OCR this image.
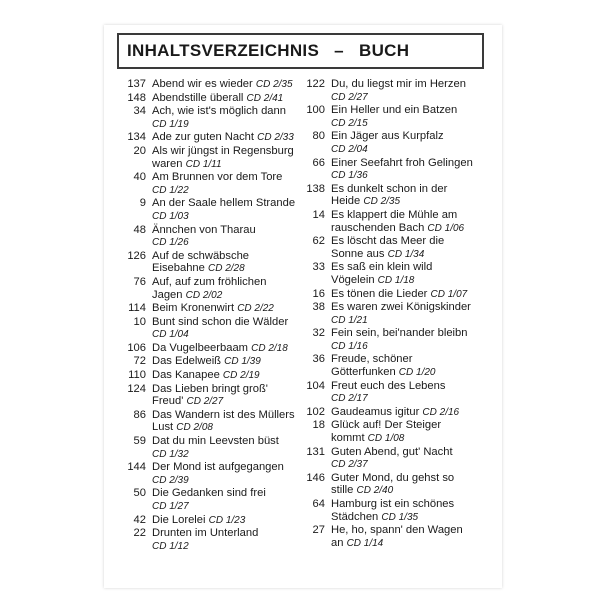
INHALTSVERZEICHNIS   –   BUCH
137 Abend wir es wieder CD 2/35
148 Abendstille überall CD 2/41
34 Ach, wie ist's möglich dann
CD 1/19
134 Ade zur guten Nacht CD 2/33
20 Als wir jüngst in Regensburg
waren CD 1/11
40 Am Brunnen vor dem Tore
CD 1/22
9 An der Saale hellem Strande
CD 1/03
48 Ännchen von Tharau
CD 1/26
126 Auf de schwäbsche
Eisebahne CD 2/28
76 Auf, auf zum fröhlichen
Jagen CD 2/02
114 Beim Kronenwirt CD 2/22
10 Bunt sind schon die Wälder
CD 1/04
106 Da Vugelbeerbaam CD 2/18
72 Das Edelweiß CD 1/39
110 Das Kanapee CD 2/19
124 Das Lieben bringt groß'
Freud' CD 2/27
86 Das Wandern ist des Müllers
Lust CD 2/08
59 Dat du min Leevsten büst
CD 1/32
144 Der Mond ist aufgegangen
CD 2/39
50 Die Gedanken sind frei
CD 1/27
42 Die Lorelei CD 1/23
22 Drunten im Unterland
CD 1/12
122 Du, du liegst mir im Herzen
CD 2/27
100 Ein Heller und ein Batzen
CD 2/15
80 Ein Jäger aus Kurpfalz
CD 2/04
66 Einer Seefahrt froh Gelingen
CD 1/36
138 Es dunkelt schon in der
Heide CD 2/35
14 Es klappert die Mühle am
rauschenden Bach CD 1/06
62 Es löscht das Meer die
Sonne aus CD 1/34
33 Es saß ein klein wild
Vögelein CD 1/18
16 Es tönen die Lieder CD 1/07
38 Es waren zwei Königskinder
CD 1/21
32 Fein sein, bei'nander bleibn
CD 1/16
36 Freude, schöner
Götterfunken CD 1/20
104 Freut euch des Lebens
CD 2/17
102 Gaudeamus igitur CD 2/16
18 Glück auf! Der Steiger
kommt CD 1/08
131 Guten Abend, gut' Nacht
CD 2/37
146 Guter Mond, du gehst so
stille CD 2/40
64 Hamburg ist ein schönes
Städchen CD 1/35
27 He, ho, spann' den Wagen
an CD 1/14
